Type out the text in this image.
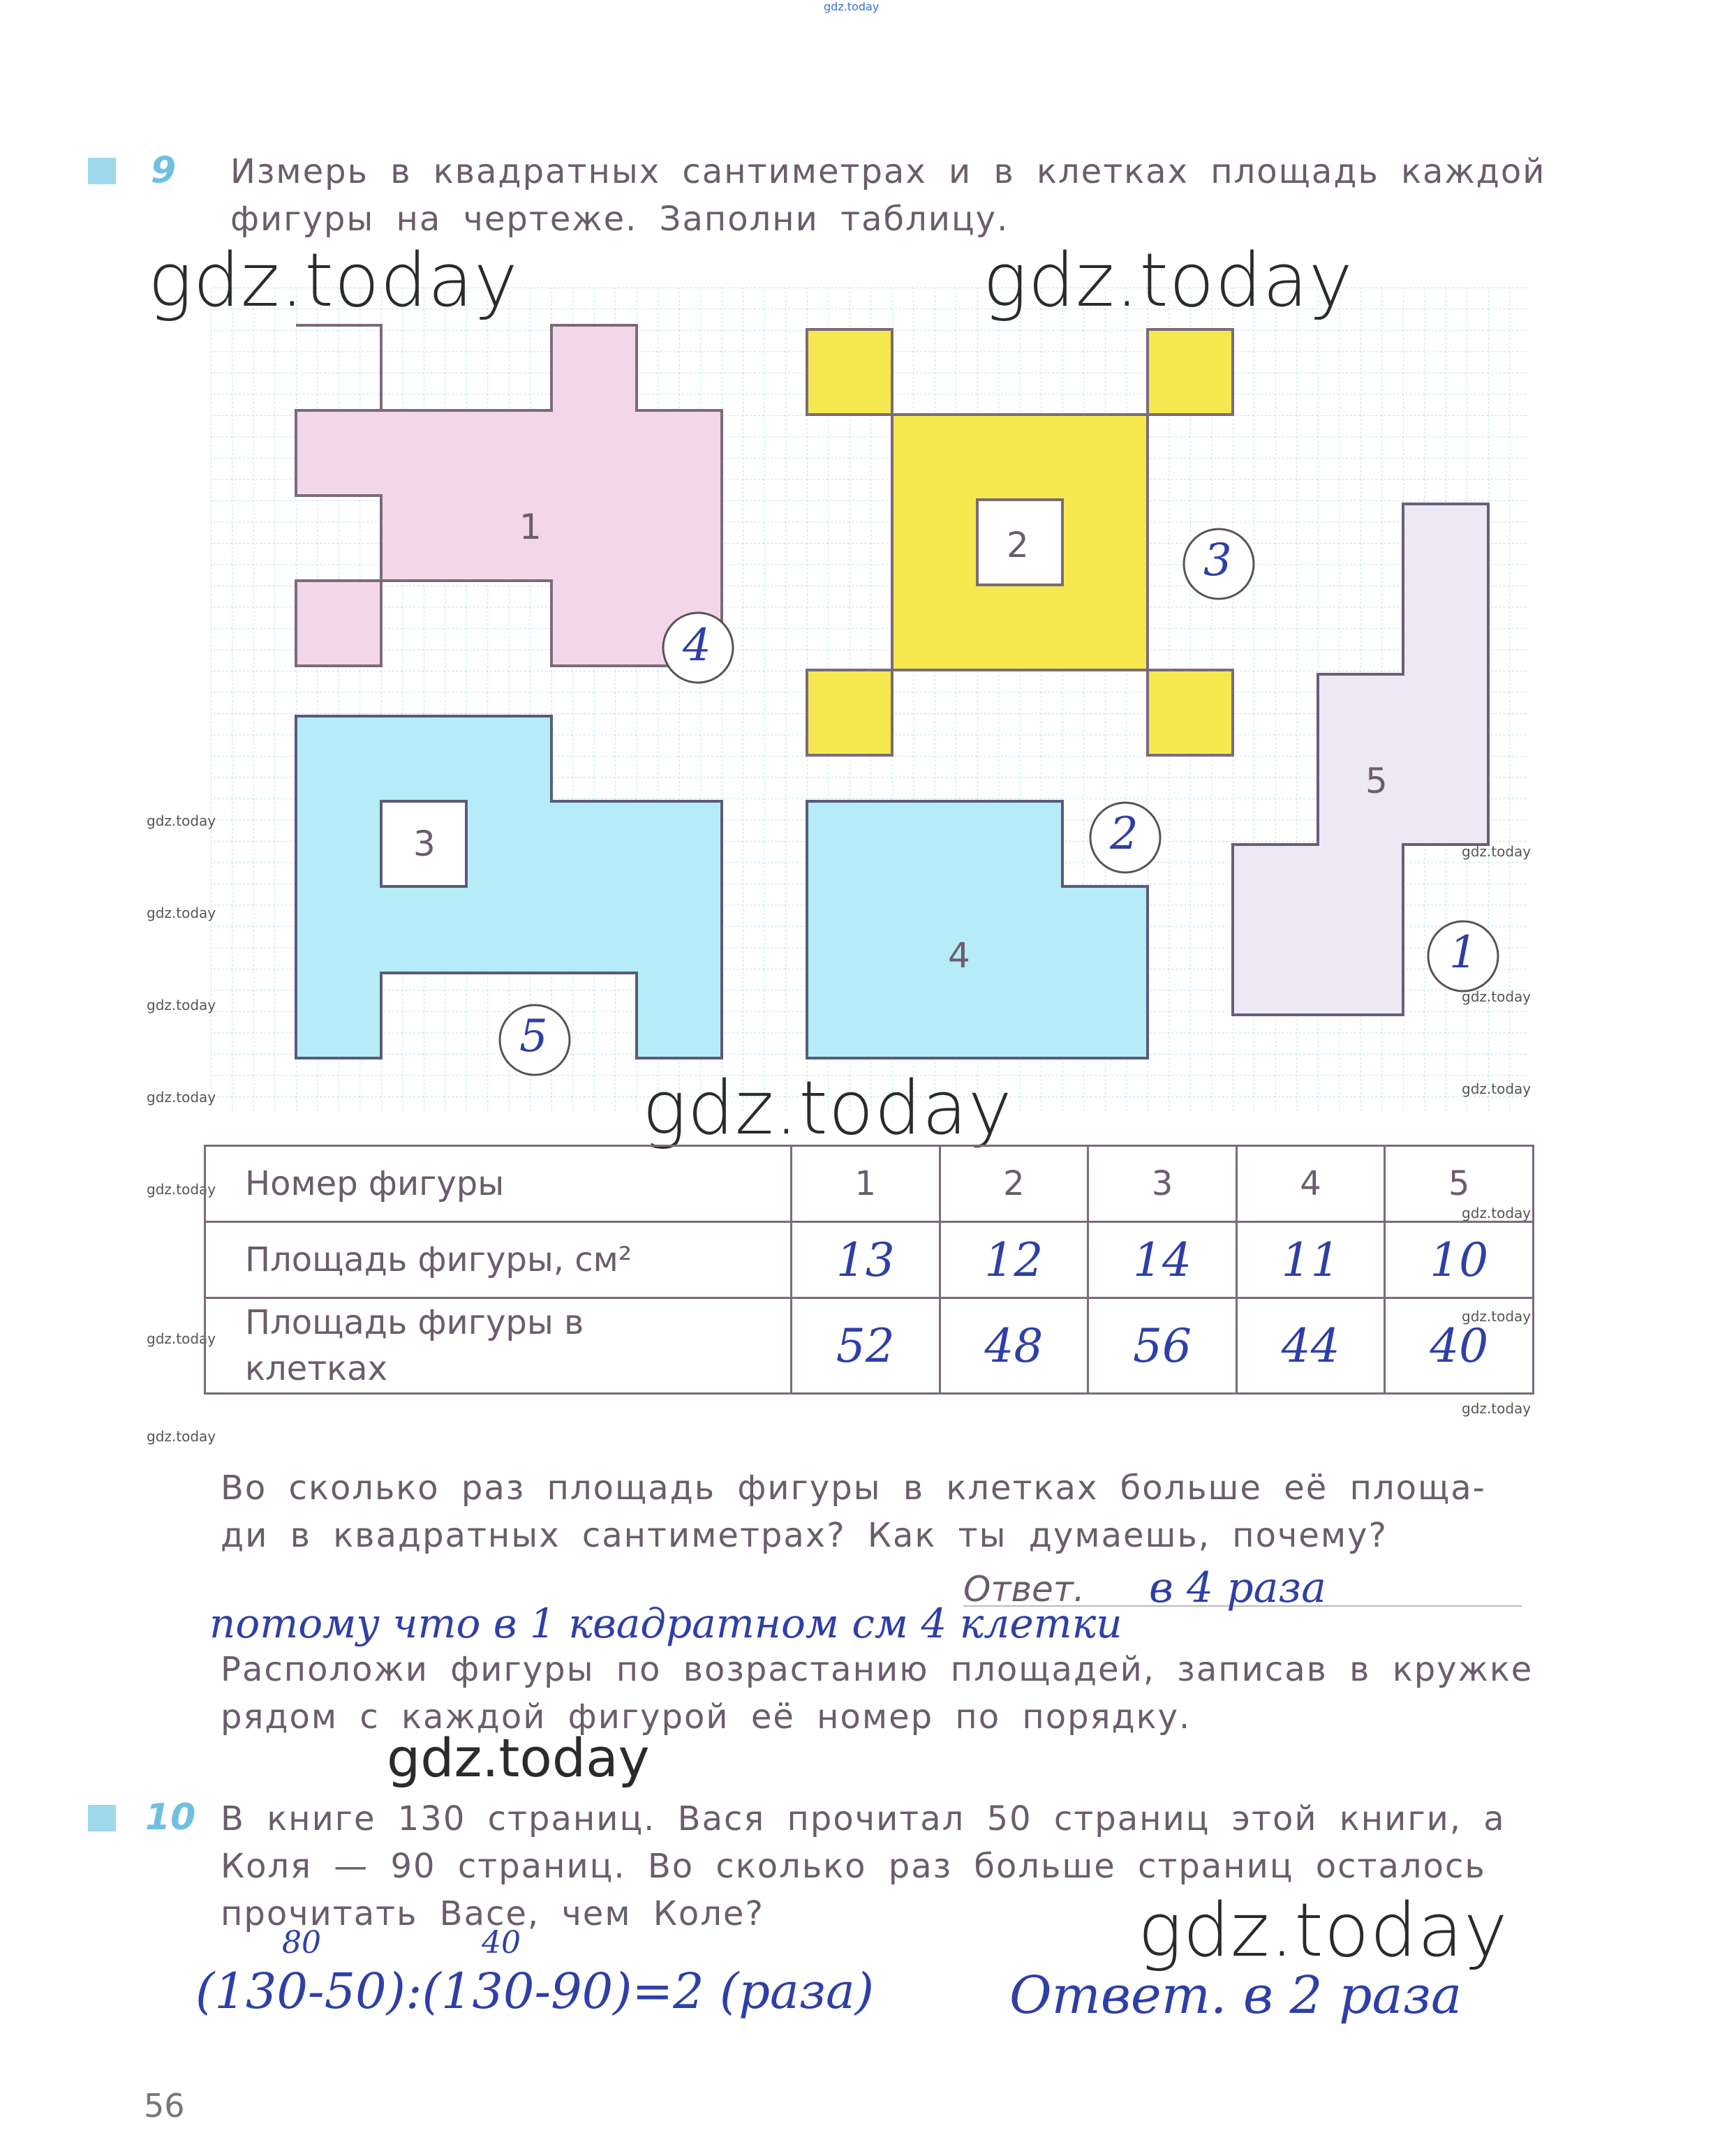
gdz.today
9 Измерь в квадратных сантиметрах и в клетках площадь каждой
фигуры на чертеже. Заполни таблицу.
1	2
3
4
5
4
3
2
5
1
gdz.today	gdz.today
gdz.today
gdz.today
gdz.today
gdz.today
gdz.today
gdz.today
gdz.today
gdz.today
gdz.today
gdz.today
gdz.today
gdz.today
gdz.today
gdz.today
gdz.today
gdz.today
Номер фигуры	1	2	3	4	5
Площадь фигуры, см²	13	12	14	11	10
Площадь фигуры в
клетках	52	48	56	44	40
Во сколько раз площадь фигуры в клетках больше её площа-
ди в квадратных сантиметрах? Как ты думаешь, почему?
Ответ. в 4 раза
потому что в 1 квадратном см 4 клетки
Расположи фигуры по возрастанию площадей, записав в кружке
рядом с каждой фигурой её номер по порядку.
10 В книге 130 страниц. Вася прочитал 50 страниц этой книги, а
Коля — 90 страниц. Во сколько раз больше страниц осталось
прочитать Васе, чем Коле?
80	40
(130-50):(130-90)=2 (раза)	Ответ. в 2 раза
56
